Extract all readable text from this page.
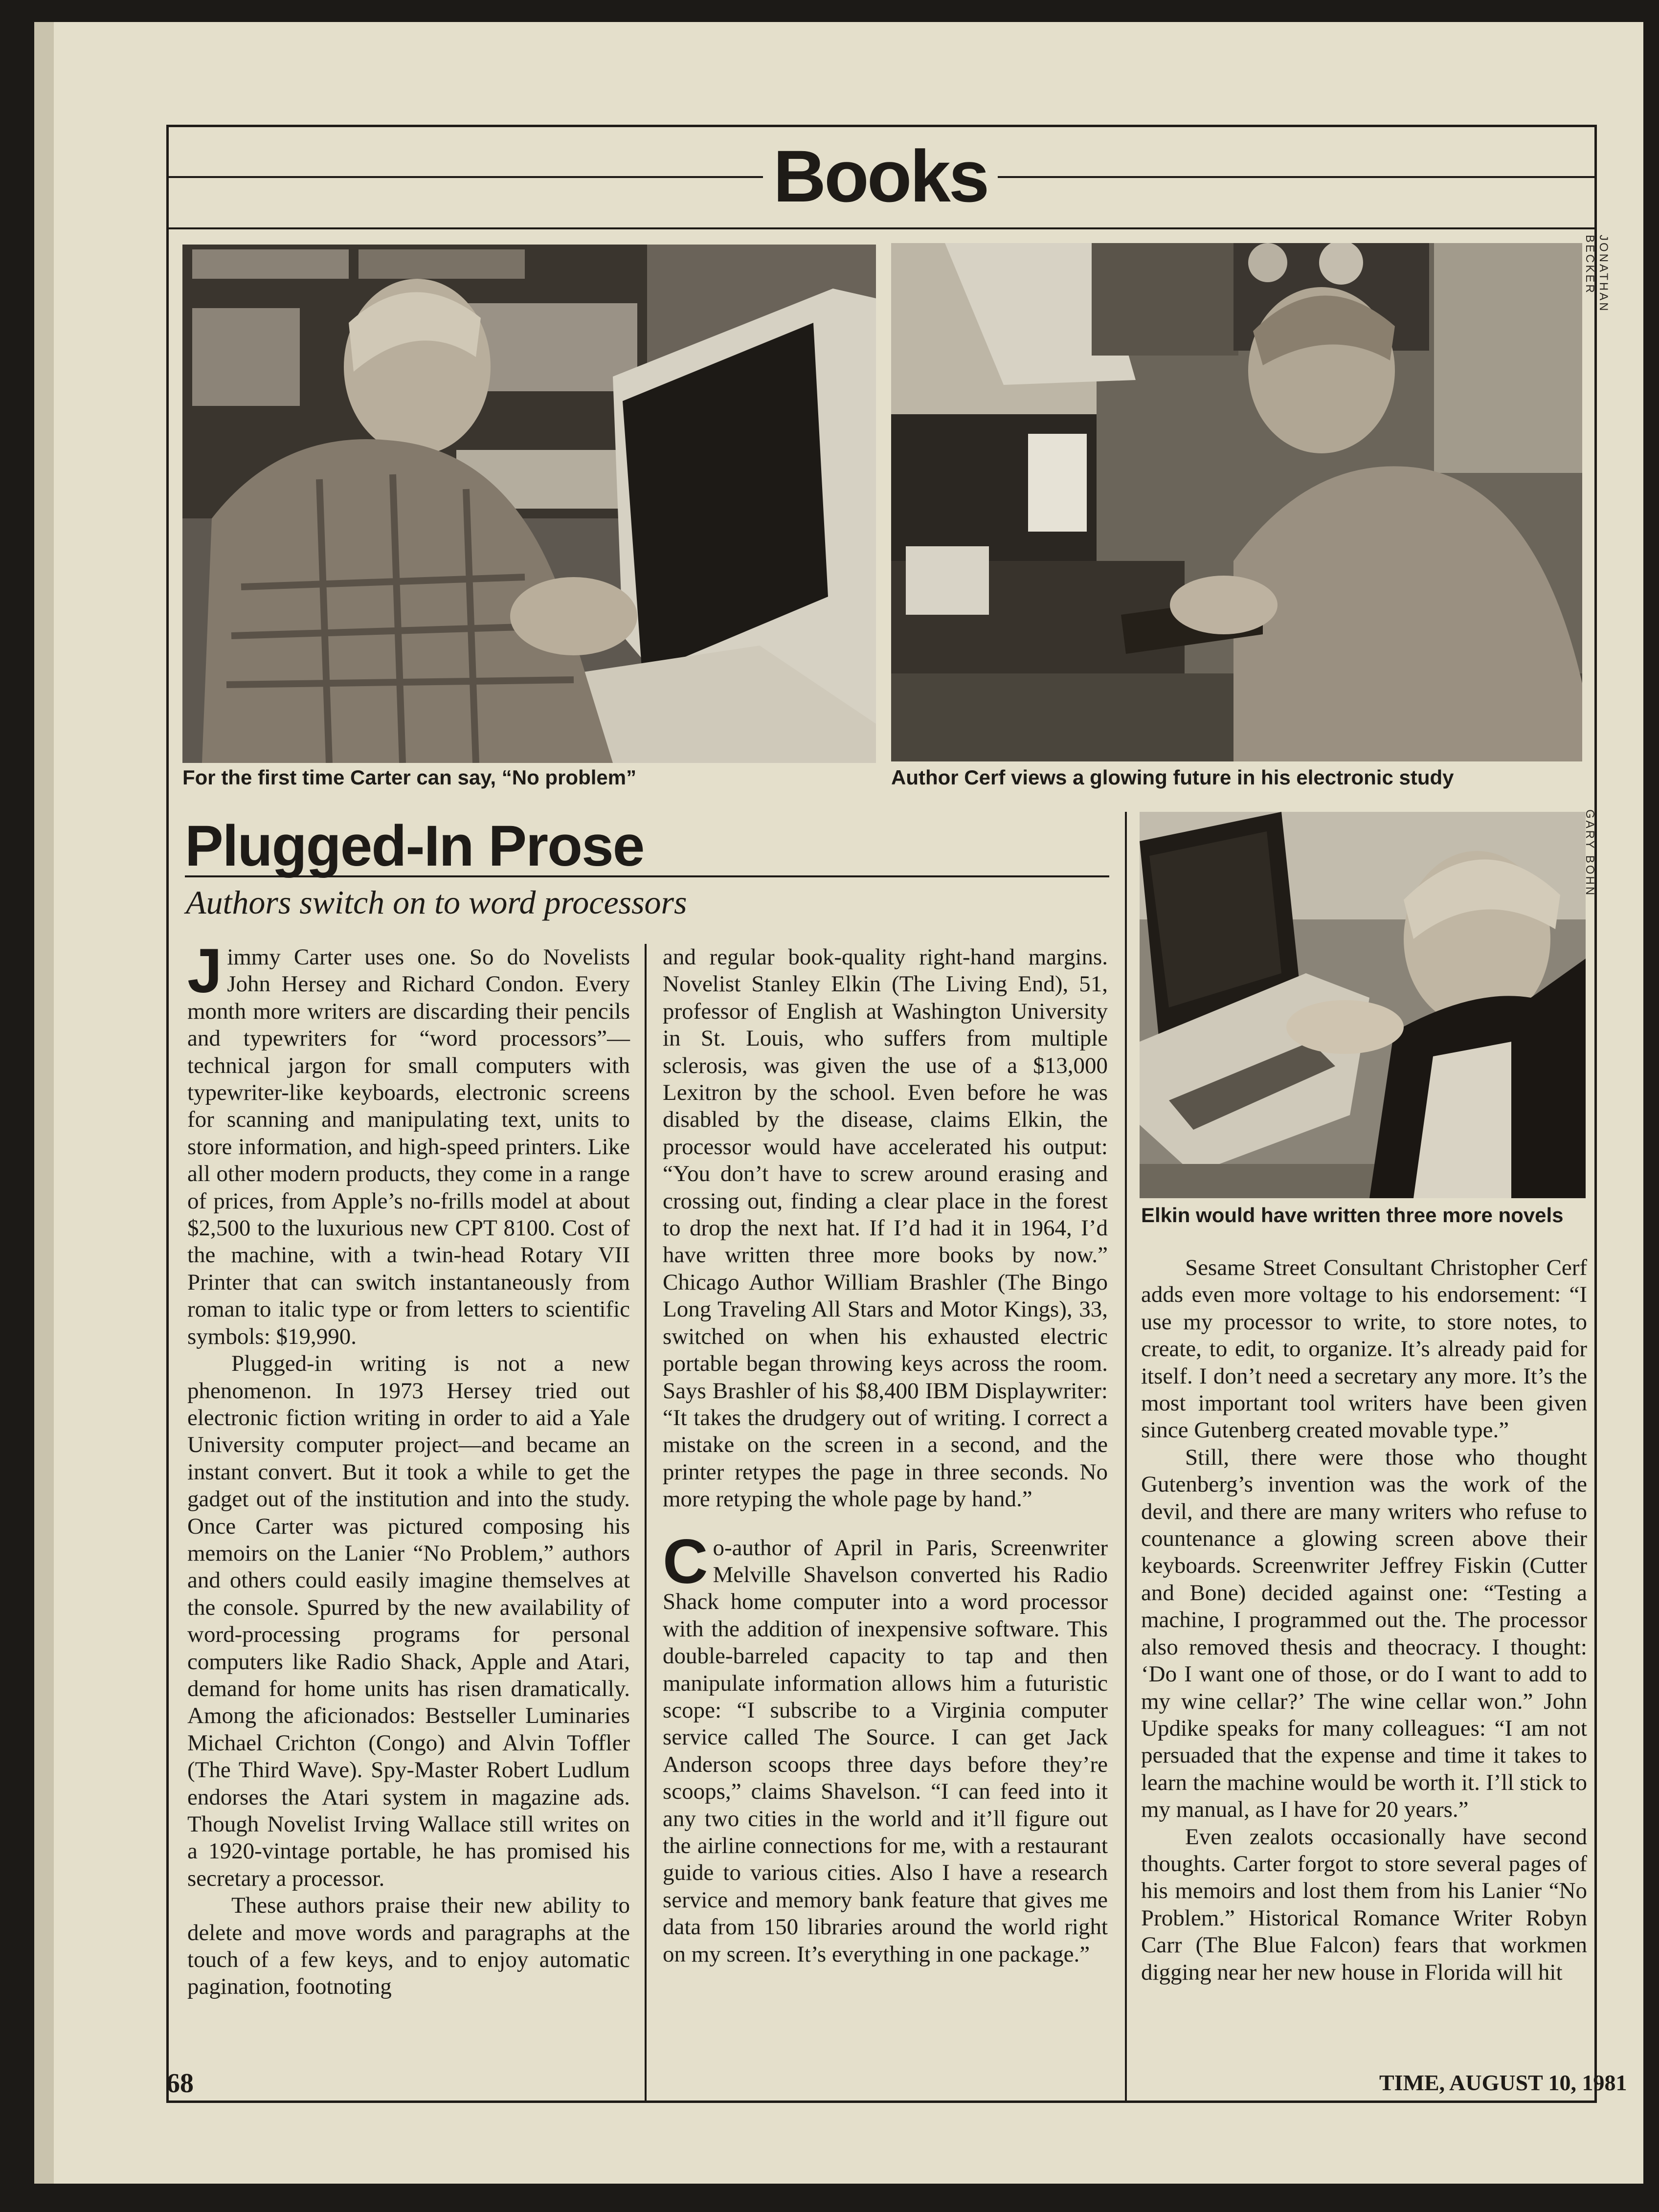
Books
For the first time Carter can say, “No problem”
JONATHAN BECKER
Author Cerf views a glowing future in his electronic study
GARY BOHN
Elkin would have written three more novels
Plugged-In Prose
Authors switch on to word processors

Jimmy Carter uses one. So do Novelists John Hersey and Richard Condon. Every month more writers are discarding their pencils and typewriters for “word processors”—technical jargon for small computers with typewriter-like keyboards, electronic screens for scanning and manipulating text, units to store information, and high-speed printers. Like all other modern products, they come in a range of prices, from Apple’s no-frills model at about $2,500 to the luxurious new CPT 8100. Cost of the machine, with a twin-head Rotary VII Printer that can switch instantaneously from roman to italic type or from letters to scientific symbols: $19,990.

Plugged-in writing is not a new phenomenon. In 1973 Hersey tried out electronic fiction writing in order to aid a Yale University computer project—and became an instant convert. But it took a while to get the gadget out of the institution and into the study. Once Carter was pictured composing his memoirs on the Lanier “No Problem,” authors and others could easily imagine themselves at the console. Spurred by the new availability of word-processing programs for personal computers like Radio Shack, Apple and Atari, demand for home units has risen dramatically. Among the aficionados: Bestseller Luminaries Michael Crichton (Congo) and Alvin Toffler (The Third Wave). Spy-Master Robert Ludlum endorses the Atari system in magazine ads. Though Novelist Irving Wallace still writes on a 1920-vintage portable, he has promised his secretary a processor.

These authors praise their new ability to delete and move words and paragraphs at the touch of a few keys, and to enjoy automatic pagination, footnoting

and regular book-quality right-hand margins. Novelist Stanley Elkin (The Living End), 51, professor of English at Washington University in St. Louis, who suffers from multiple sclerosis, was given the use of a $13,000 Lexitron by the school. Even before he was disabled by the disease, claims Elkin, the processor would have accelerated his output: “You don’t have to screw around erasing and crossing out, finding a clear place in the forest to drop the next hat. If I’d had it in 1964, I’d have written three more books by now.” Chicago Author William Brashler (The Bingo Long Traveling All Stars and Motor Kings), 33, switched on when his exhausted electric portable began throwing keys across the room. Says Brashler of his $8,400 IBM Displaywriter: “It takes the drudgery out of writing. I correct a mistake on the screen in a second, and the printer retypes the page in three seconds. No more retyping the whole page by hand.”

Co-author of April in Paris, Screenwriter Melville Shavelson converted his Radio Shack home computer into a word processor with the addition of inexpensive software. This double-barreled capacity to tap and then manipulate information allows him a futuristic scope: “I subscribe to a Virginia computer service called The Source. I can get Jack Anderson scoops three days before they’re scoops,” claims Shavelson. “I can feed into it any two cities in the world and it’ll figure out the airline connections for me, with a restaurant guide to various cities. Also I have a research service and memory bank feature that gives me data from 150 libraries around the world right on my screen. It’s everything in one package.”

Sesame Street Consultant Christopher Cerf adds even more voltage to his endorsement: “I use my processor to write, to store notes, to create, to edit, to organize. It’s already paid for itself. I don’t need a secretary any more. It’s the most important tool writers have been given since Gutenberg created movable type.”

Still, there were those who thought Gutenberg’s invention was the work of the devil, and there are many writers who refuse to countenance a glowing screen above their keyboards. Screenwriter Jeffrey Fiskin (Cutter and Bone) decided against one: “Testing a machine, I programmed out the. The processor also removed thesis and theocracy. I thought: ‘Do I want one of those, or do I want to add to my wine cellar?’ The wine cellar won.” John Updike speaks for many colleagues: “I am not persuaded that the expense and time it takes to learn the machine would be worth it. I’ll stick to my manual, as I have for 20 years.”

Even zealots occasionally have second thoughts. Carter forgot to store several pages of his memoirs and lost them from his Lanier “No Problem.” Historical Romance Writer Robyn Carr (The Blue Falcon) fears that workmen digging near her new house in Florida will hit

68	TIME, AUGUST 10, 1981
